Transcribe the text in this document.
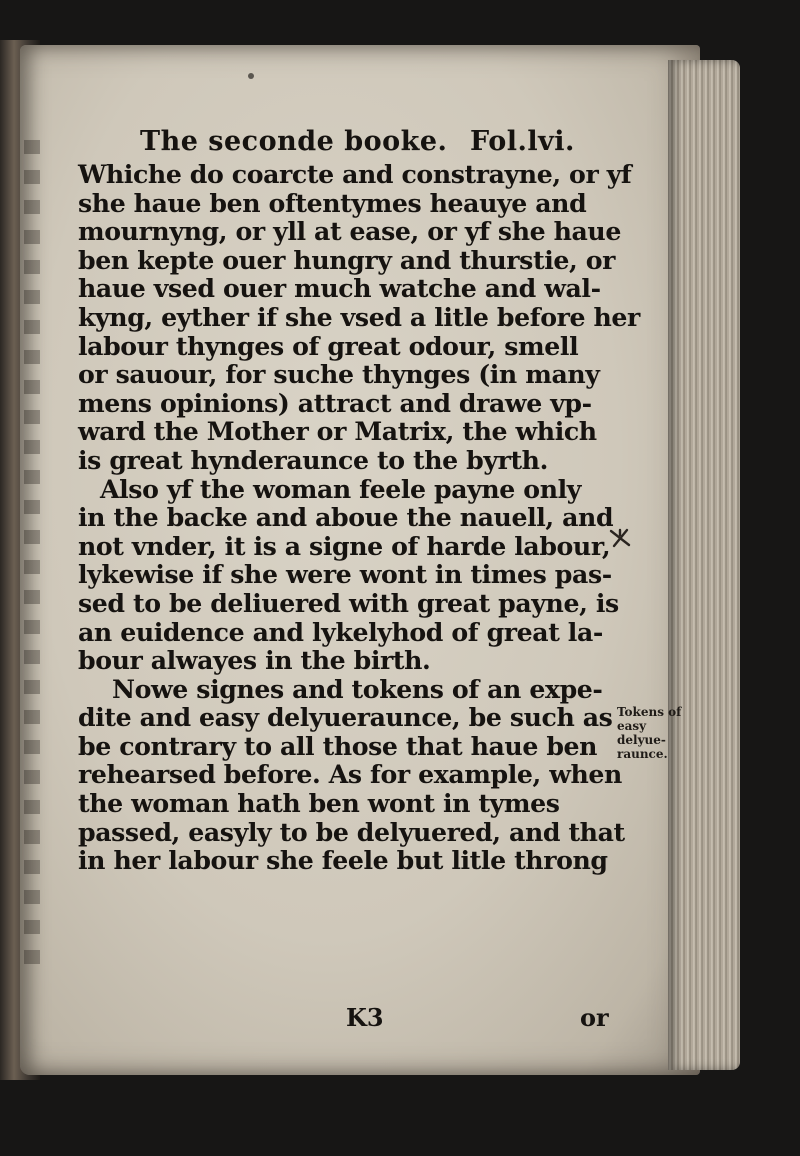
The seconde booke. Fol.lvi.
Whiche do coarcte and constrayne, or yf
she haue ben oftentymes heauye and
mournyng, or yll at ease, or yf she haue
ben kepte ouer hungry and thurstie, or
haue vsed ouer much watche and wal-
kyng, eyther if she vsed a litle before her
labour thynges of great odour, smell
or sauour, for suche thynges (in many
mens opinions) attract and drawe vp-
ward the Mother or Matrix, the which
is great hynderaunce to the byrth.
Also yf the woman feele payne only
in the backe and aboue the nauell, and
not vnder, it is a signe of harde labour,
lykewise if she were wont in times pas-
sed to be deliuered with great payne, is
an euidence and lykelyhod of great la-
bour alwayes in the birth.
Nowe signes and tokens of an expe-
dite and easy delyueraunce, be such as
be contrary to all those that haue ben
rehearsed before. As for example, when
the woman hath ben wont in tymes
passed, easyly to be delyuered, and that
in her labour she feele but litle throng
Tokens of
easy delyue-
raunce.
K3	or
